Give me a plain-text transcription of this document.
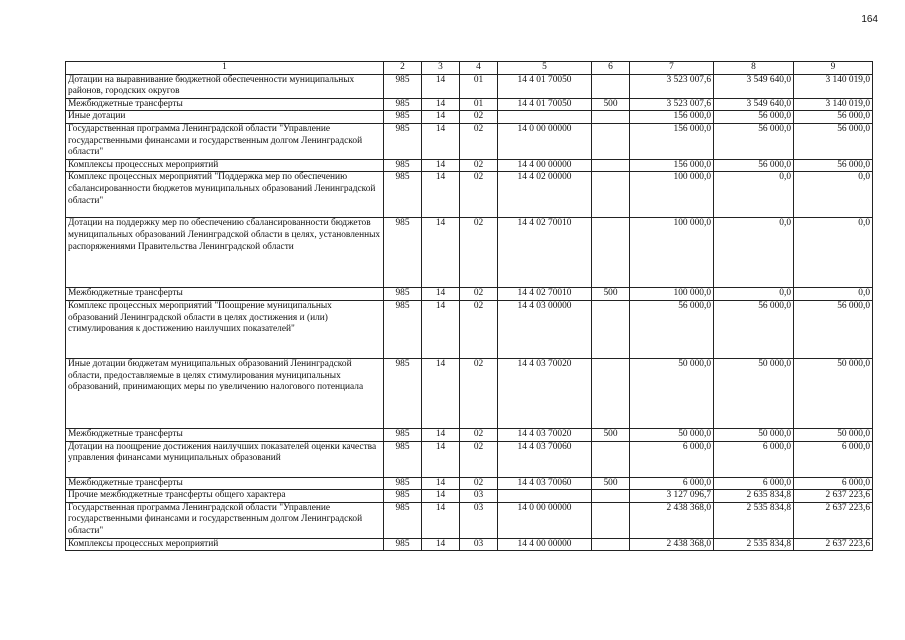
164
1	2	3	4	5	6	7	8	9
Дотации на выравнивание бюджетной обеспеченности муниципальных районов, городских округов	985	14	01	14 4 01 70050		3 523 007,6	3 549 640,0	3 140 019,0
Межбюджетные трансферты	985	14	01	14 4 01 70050	500	3 523 007,6	3 549 640,0	3 140 019,0
Иные дотации	985	14	02			156 000,0	56 000,0	56 000,0
Государственная программа Ленинградской области "Управление государственными финансами и государственным долгом Ленинградской области"	985	14	02	14 0 00 00000		156 000,0	56 000,0	56 000,0
Комплексы процессных мероприятий	985	14	02	14 4 00 00000		156 000,0	56 000,0	56 000,0
Комплекс процессных мероприятий "Поддержка мер по обеспечению сбалансированности бюджетов муниципальных образований Ленинградской области"	985	14	02	14 4 02 00000		100 000,0	0,0	0,0
Дотации на поддержку мер по обеспечению сбалансированности бюджетов муниципальных образований Ленинградской области в целях, установленных распоряжениями Правительства Ленинградской области	985	14	02	14 4 02 70010		100 000,0	0,0	0,0
Межбюджетные трансферты	985	14	02	14 4 02 70010	500	100 000,0	0,0	0,0
Комплекс процессных мероприятий "Поощрение муниципальных образований Ленинградской области в целях достижения и (или) стимулирования к достижению наилучших показателей"	985	14	02	14 4 03 00000		56 000,0	56 000,0	56 000,0
Иные дотации бюджетам муниципальных образований Ленинградской области, предоставляемые в целях стимулирования муниципальных образований, принимающих меры по увеличению налогового потенциала	985	14	02	14 4 03 70020		50 000,0	50 000,0	50 000,0
Межбюджетные трансферты	985	14	02	14 4 03 70020	500	50 000,0	50 000,0	50 000,0
Дотации на поощрение достижения наилучших показателей оценки качества управления финансами муниципальных образований	985	14	02	14 4 03 70060		6 000,0	6 000,0	6 000,0
Межбюджетные трансферты	985	14	02	14 4 03 70060	500	6 000,0	6 000,0	6 000,0
Прочие межбюджетные трансферты общего характера	985	14	03			3 127 096,7	2 635 834,8	2 637 223,6
Государственная программа Ленинградской области "Управление государственными финансами и государственным долгом Ленинградской области"	985	14	03	14 0 00 00000		2 438 368,0	2 535 834,8	2 637 223,6
Комплексы процессных мероприятий	985	14	03	14 4 00 00000		2 438 368,0	2 535 834,8	2 637 223,6
